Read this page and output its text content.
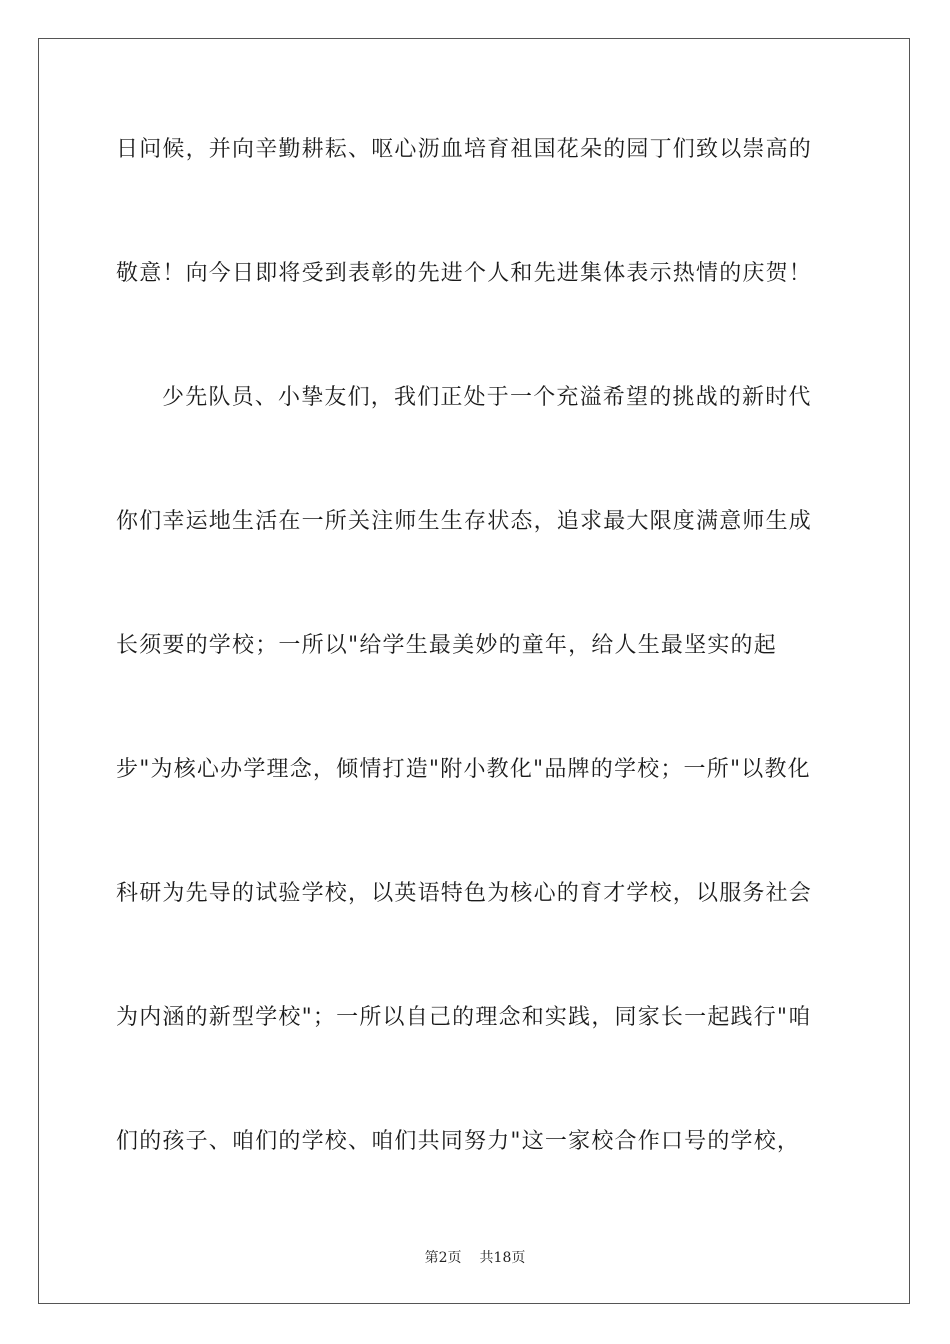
日问候，并向辛勤耕耘、呕心沥血培育祖国花朵的园丁们致以崇高的
敬意！向今日即将受到表彰的先进个人和先进集体表示热情的庆贺！
少先队员、小挚友们，我们正处于一个充溢希望的挑战的新时代
你们幸运地生活在一所关注师生生存状态，追求最大限度满意师生成
长须要的学校；一所以"给学生最美妙的童年，给人生最坚实的起
步"为核心办学理念，倾情打造"附小教化"品牌的学校；一所"以教化
科研为先导的试验学校，以英语特色为核心的育才学校，以服务社会
为内涵的新型学校"；一所以自己的理念和实践，同家长一起践行"咱
们的孩子、咱们的学校、咱们共同努力"这一家校合作口号的学校，
第2页 共18页
